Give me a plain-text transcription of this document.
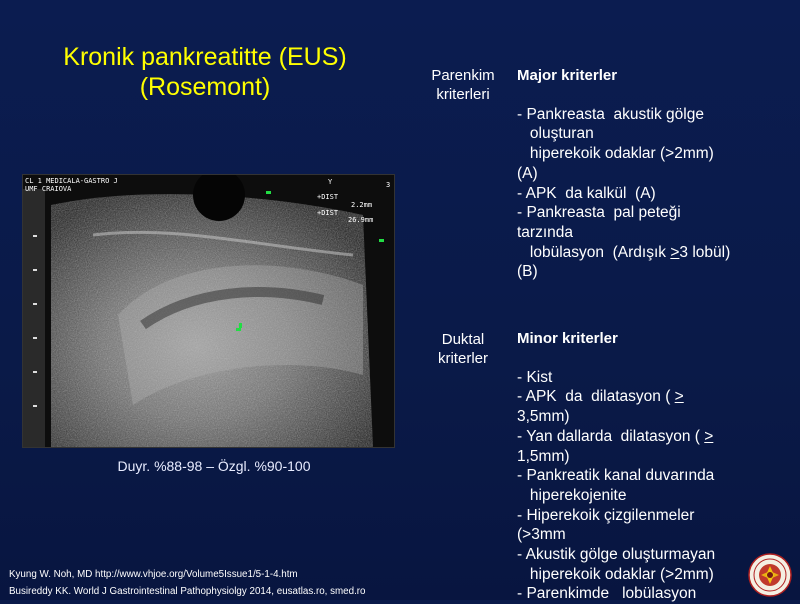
Kronik pankreatitte (EUS)
(Rosemont)
CL 1 MEDICALA-GASTRO J
UMF CRAIOVA
Y	3
+DIST
2.2mm
+DIST
26.9mm
Duyr. %88-98 – Özgl. %90-100
Parenkim
kriterleri
Major kriterler
- Pankreasta  akustik gölge
oluşturan
hiperekoik odaklar (>2mm)
(A)
- APK  da kalkül  (A)
- Pankreasta  pal peteği
tarzında
lobülasyon  (Ardışık >3 lobül)
(B)
Duktal
kriterler
Minor kriterler
- Kist
- APK  da  dilatasyon ( >
3,5mm)
- Yan dallarda  dilatasyon ( >
1,5mm)
- Pankreatik kanal duvarında
hiperekojenite
- Hiperekoik çizgilenmeler
(>3mm
- Akustik gölge oluşturmayan
hiperekoik odaklar (>2mm)
- Parenkimde   lobülasyon
Kyung W. Noh, MD http://www.vhjoe.org/Volume5Issue1/5-1-4.htm
Busireddy KK. World J Gastrointestinal Pathophysiolgy 2014, eusatlas.ro, smed.ro
